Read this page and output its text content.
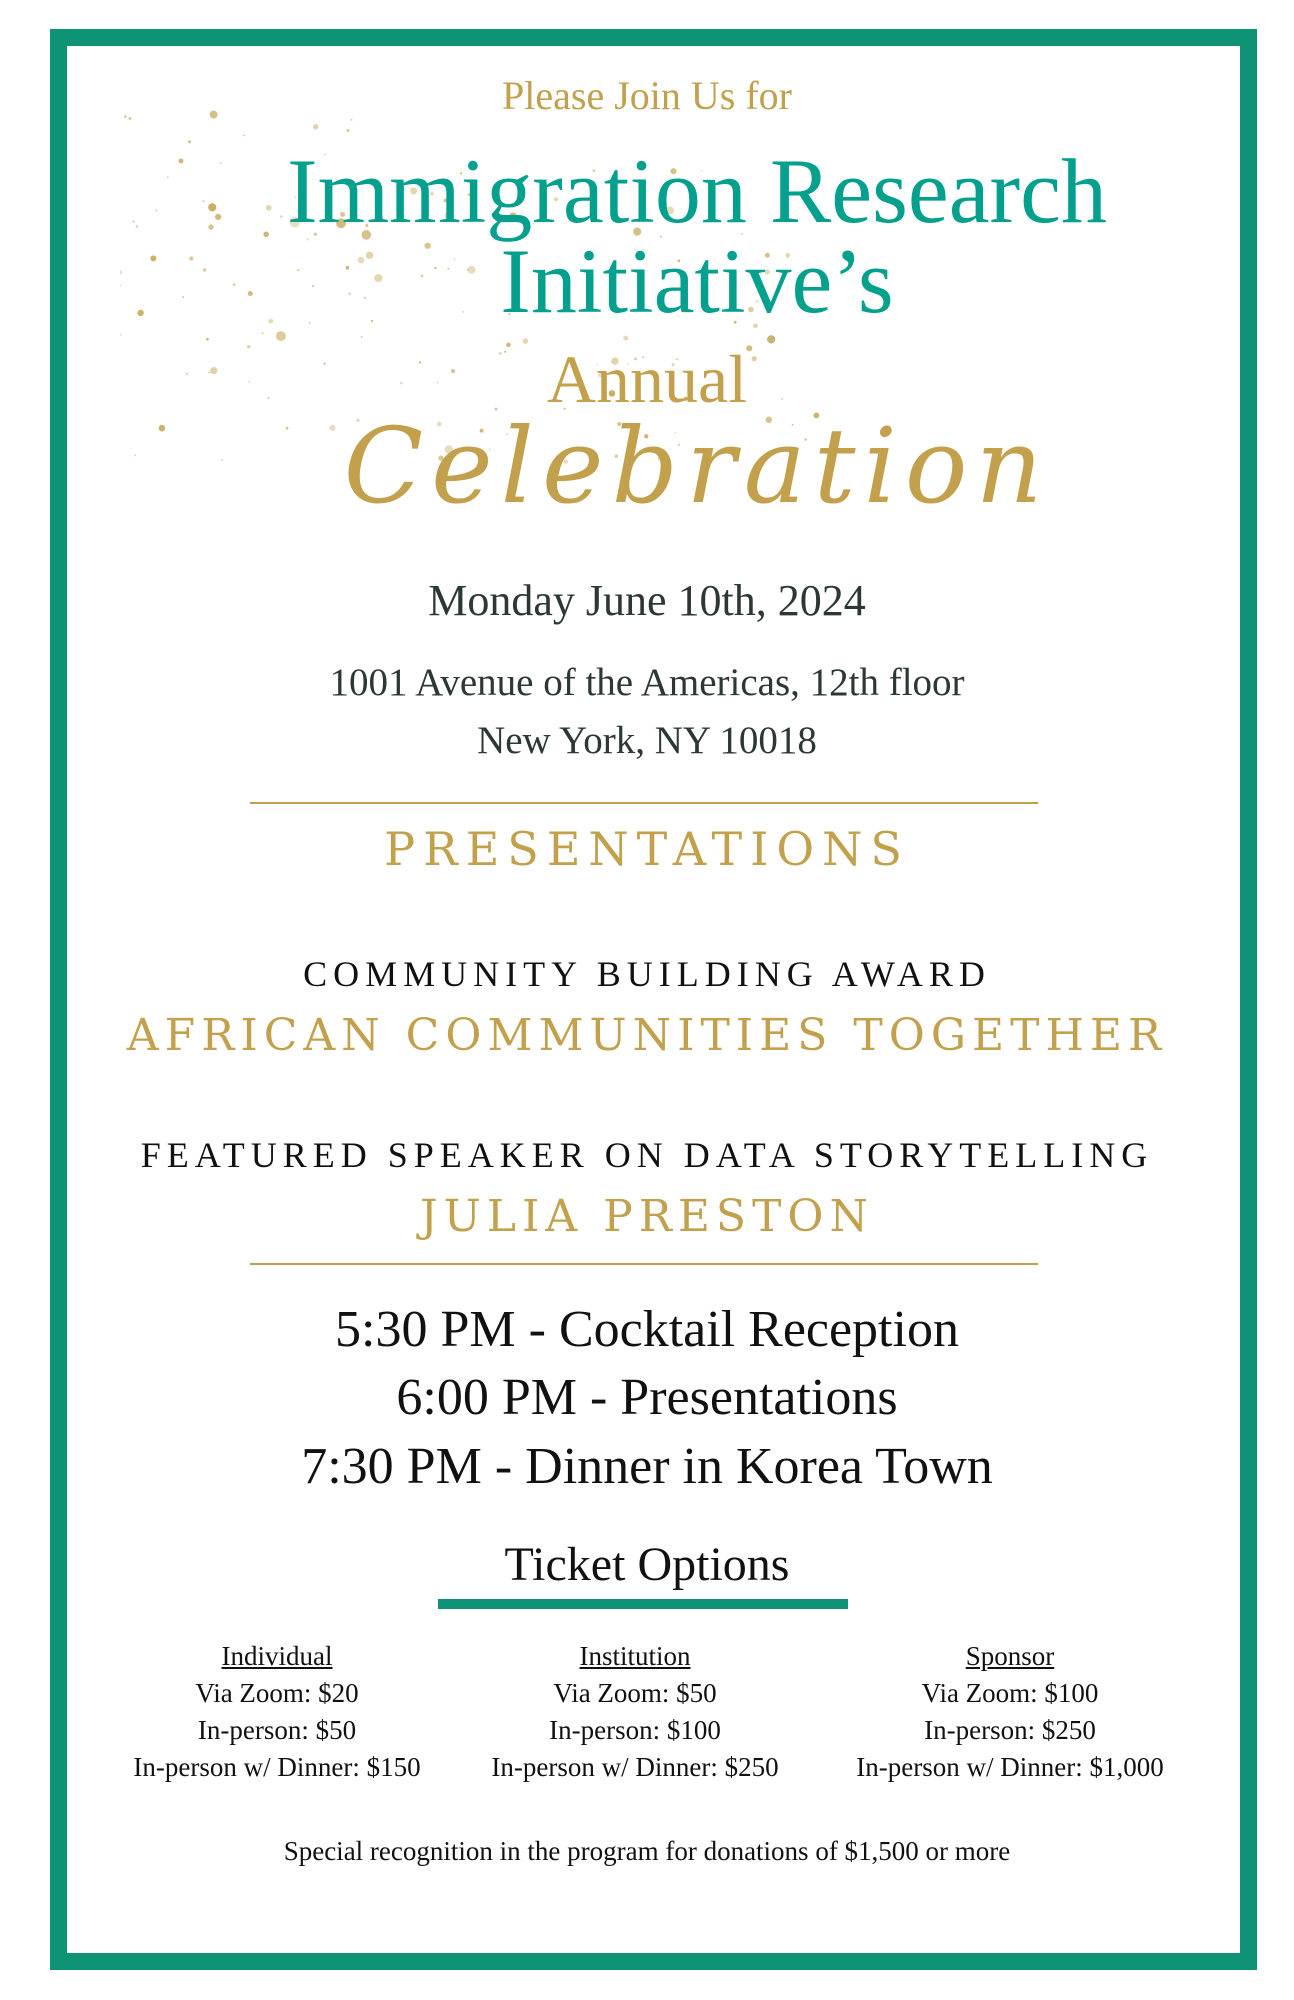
Please Join Us for
Immigration Research
Initiative’s
Annual
Celebration
Monday June 10th, 2024
1001 Avenue of the Americas, 12th floor
New York, NY 10018
PRESENTATIONS
COMMUNITY BUILDING AWARD
AFRICAN COMMUNITIES TOGETHER
FEATURED SPEAKER ON DATA STORYTELLING
JULIA PRESTON
5:30 PM - Cocktail Reception
6:00 PM - Presentations
7:30 PM - Dinner in Korea Town
Ticket Options
Individual
Via Zoom: $20
In-person: $50
In-person w/ Dinner: $150
Institution
Via Zoom: $50
In-person: $100
In-person w/ Dinner: $250
Sponsor
Via Zoom: $100
In-person: $250
In-person w/ Dinner: $1,000
Special recognition in the program for donations of $1,500 or more
